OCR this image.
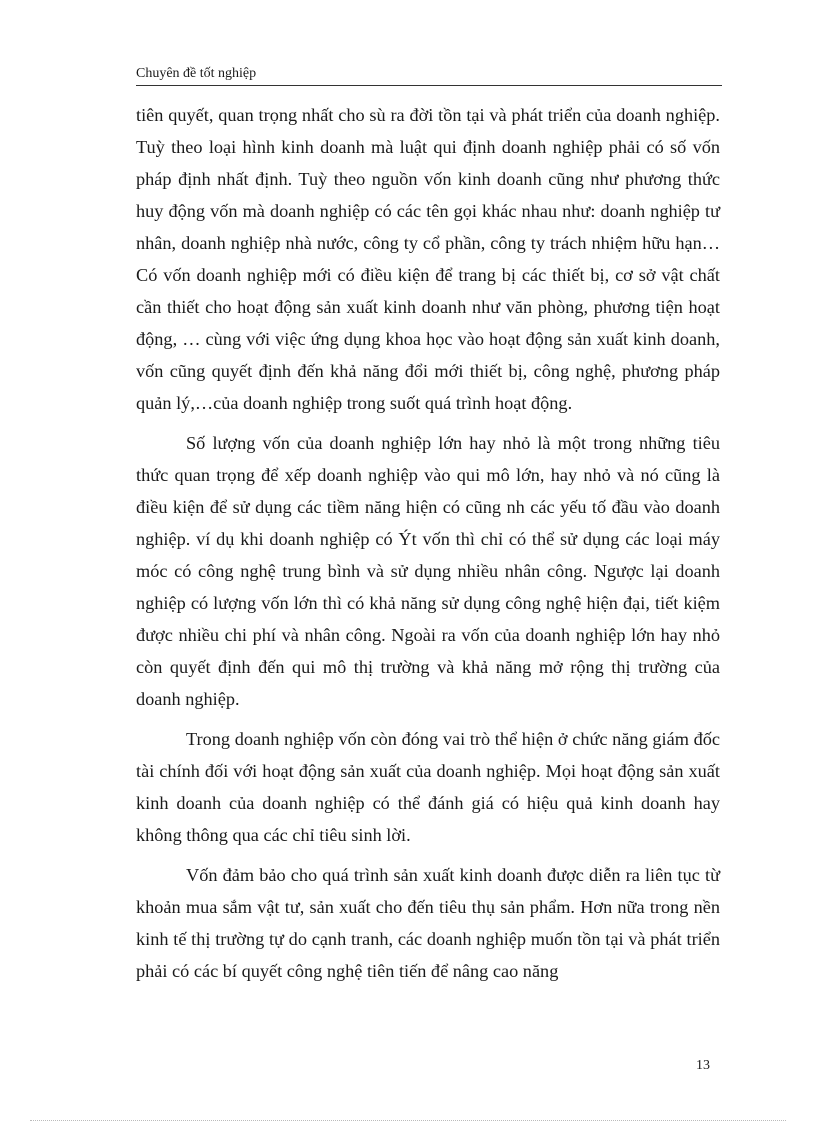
Chuyên đề tốt nghiệp

tiên quyết, quan trọng nhất cho sù ra đời tồn tại và phát triển của doanh nghiệp. Tuỳ theo loại hình kinh doanh mà luật qui định doanh nghiệp phải có số vốn pháp định nhất định. Tuỳ theo nguồn vốn kinh doanh cũng như phương thức huy động vốn mà doanh nghiệp có các tên gọi khác nhau như: doanh nghiệp tư nhân, doanh nghiệp nhà nước, công ty cổ phần, công ty trách nhiệm hữu hạn…Có vốn doanh nghiệp mới có điều kiện để trang bị các thiết bị, cơ sở vật chất cần thiết cho hoạt động sản xuất kinh doanh như văn phòng, phương tiện hoạt động, … cùng với việc ứng dụng khoa học vào hoạt động sản xuất kinh doanh, vốn cũng quyết định đến khả năng đổi mới thiết bị, công nghệ, phương pháp quản lý,…của doanh nghiệp trong suốt quá trình hoạt động.

Số lượng vốn của doanh nghiệp lớn hay nhỏ là một trong những tiêu thức quan trọng để xếp doanh nghiệp vào qui mô lớn, hay nhỏ và nó cũng là điều kiện để sử dụng các tiềm năng hiện có cũng nh các yếu tố đầu vào doanh nghiệp. ví dụ khi doanh nghiệp có Ýt vốn thì chỉ có thể sử dụng các loại máy móc có công nghệ trung bình và sử dụng nhiều nhân công. Ngược lại doanh nghiệp có lượng vốn lớn thì có khả năng sử dụng công nghệ hiện đại, tiết kiệm được nhiều chi phí và nhân công. Ngoài ra vốn của doanh nghiệp lớn hay nhỏ còn quyết định đến qui mô thị trường và khả năng mở rộng thị trường của doanh nghiệp.

Trong doanh nghiệp vốn còn đóng vai trò thể hiện ở chức năng giám đốc tài chính đối với hoạt động sản xuất của doanh nghiệp. Mọi hoạt động sản xuất kinh doanh của doanh nghiệp có thể đánh giá có hiệu quả kinh doanh hay không thông qua các chỉ tiêu sinh lời.

Vốn đảm bảo cho quá trình sản xuất kinh doanh được diễn ra liên tục từ khoản mua sắm vật tư, sản xuất cho đến tiêu thụ sản phẩm. Hơn nữa trong nền kinh tế thị trường tự do cạnh tranh, các doanh nghiệp muốn tồn tại và phát triển phải có các bí quyết công nghệ tiên tiến để nâng cao năng

13
